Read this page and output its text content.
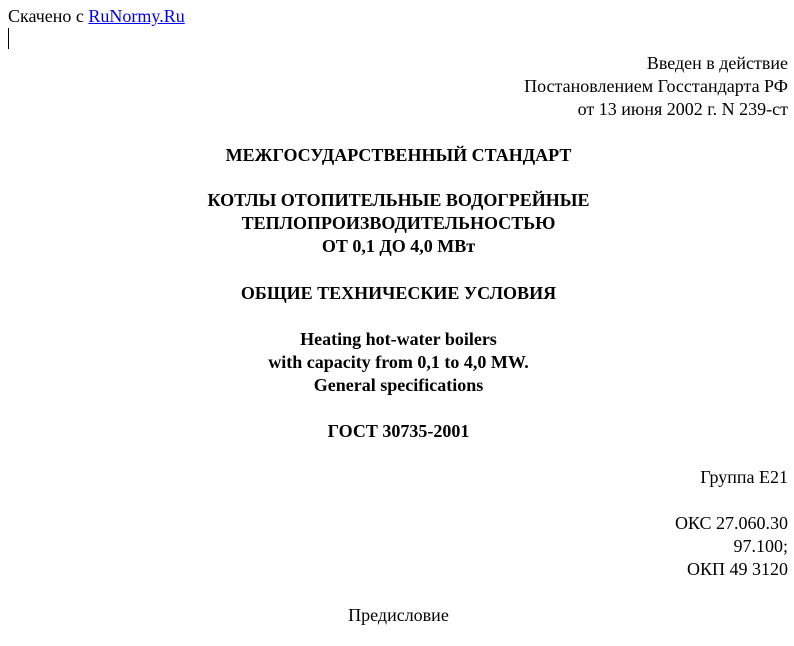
Скачено с RuNormy.Ru
Введен в действие
Постановлением Госстандарта РФ
от 13 июня 2002 г. N 239-ст
МЕЖГОСУДАРСТВЕННЫЙ СТАНДАРТ
КОТЛЫ ОТОПИТЕЛЬНЫЕ ВОДОГРЕЙНЫЕ
ТЕПЛОПРОИЗВОДИТЕЛЬНОСТЬЮ
ОТ 0,1 ДО 4,0 МВт
ОБЩИЕ ТЕХНИЧЕСКИЕ УСЛОВИЯ
Heating hot-water boilers
with capacity from 0,1 to 4,0 MW.
General specifications
ГОСТ 30735-2001
Группа Е21
ОКС 27.060.30
97.100;
ОКП 49 3120
Предисловие
